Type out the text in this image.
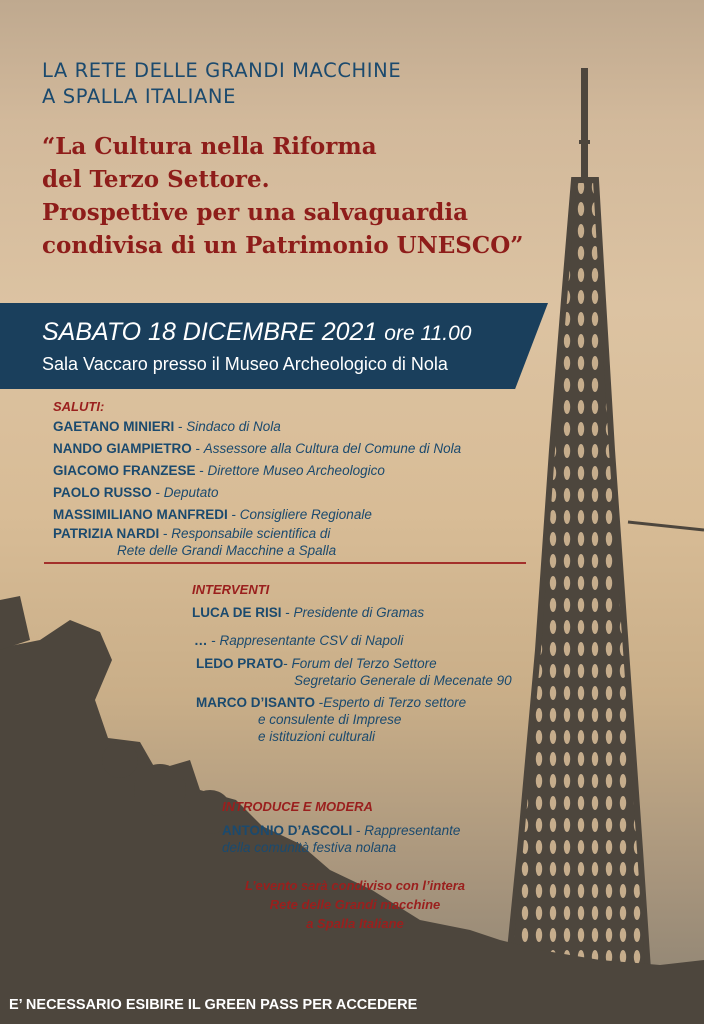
LA RETE DELLE GRANDI MACCHINE
A SPALLA ITALIANE
“La Cultura nella Riforma
del Terzo Settore.
Prospettive per una salvaguardia
condivisa di un Patrimonio UNESCO”
SABATO 18 DICEMBRE 2021 ore 11.00
Sala Vaccaro presso il Museo Archeologico di Nola
SALUTI:
GAETANO MINIERI - Sindaco di Nola
NANDO GIAMPIETRO - Assessore alla Cultura del Comune di Nola
GIACOMO FRANZESE - Direttore Museo Archeologico
PAOLO RUSSO - Deputato
MASSIMILIANO MANFREDI - Consigliere Regionale
PATRIZIA NARDI - Responsabile scientifica di
Rete delle Grandi Macchine a Spalla
INTERVENTI
LUCA DE RISI - Presidente di Gramas
… - Rappresentante CSV di Napoli
LEDO PRATO- Forum del Terzo Settore
Segretario Generale di Mecenate 90
MARCO D’ISANTO -Esperto di Terzo settore
e consulente di Imprese
e istituzioni culturali
INTRODUCE E MODERA
ANTONIO D’ASCOLI - Rappresentante
della comunità festiva nolana
L’evento sarà condiviso con l’intera
Rete delle Grandi macchine
a Spalla Italiane
E’ NECESSARIO ESIBIRE IL GREEN PASS PER ACCEDERE
